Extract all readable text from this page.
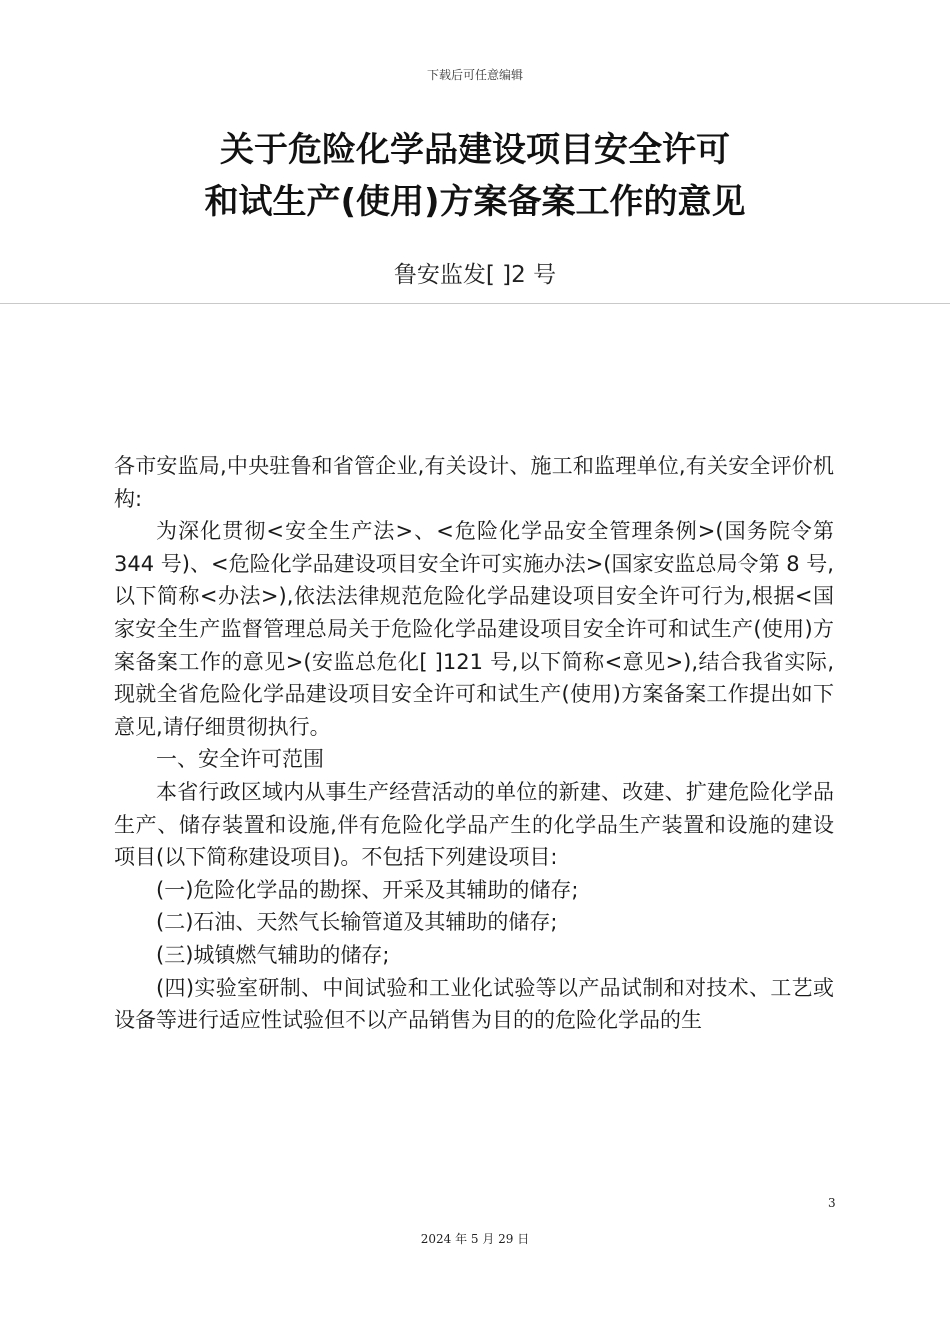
下载后可任意编辑
关于危险化学品建设项目安全许可
和试生产(使用)方案备案工作的意见
鲁安监发[ ]2 号

各市安监局,中央驻鲁和省管企业,有关设计、施工和监理单位,有关安全评价机构:

为深化贯彻<安全生产法>、<危险化学品安全管理条例>(国务院令第 344 号)、<危险化学品建设项目安全许可实施办法>(国家安监总局令第 8 号,以下简称<办法>),依法法律规范危险化学品建设项目安全许可行为,根据<国家安全生产监督管理总局关于危险化学品建设项目安全许可和试生产(使用)方案备案工作的意见>(安监总危化[ ]121 号,以下简称<意见>),结合我省实际,现就全省危险化学品建设项目安全许可和试生产(使用)方案备案工作提出如下意见,请仔细贯彻执行。

一、安全许可范围

本省行政区域内从事生产经营活动的单位的新建、改建、扩建危险化学品生产、储存装置和设施,伴有危险化学品产生的化学品生产装置和设施的建设项目(以下简称建设项目)。不包括下列建设项目:

(一)危险化学品的勘探、开采及其辅助的储存;

(二)石油、天然气长输管道及其辅助的储存;

(三)城镇燃气辅助的储存;

(四)实验室研制、中间试验和工业化试验等以产品试制和对技术、工艺或设备等进行适应性试验但不以产品销售为目的的危险化学品的生

3
2024 年 5 月 29 日
